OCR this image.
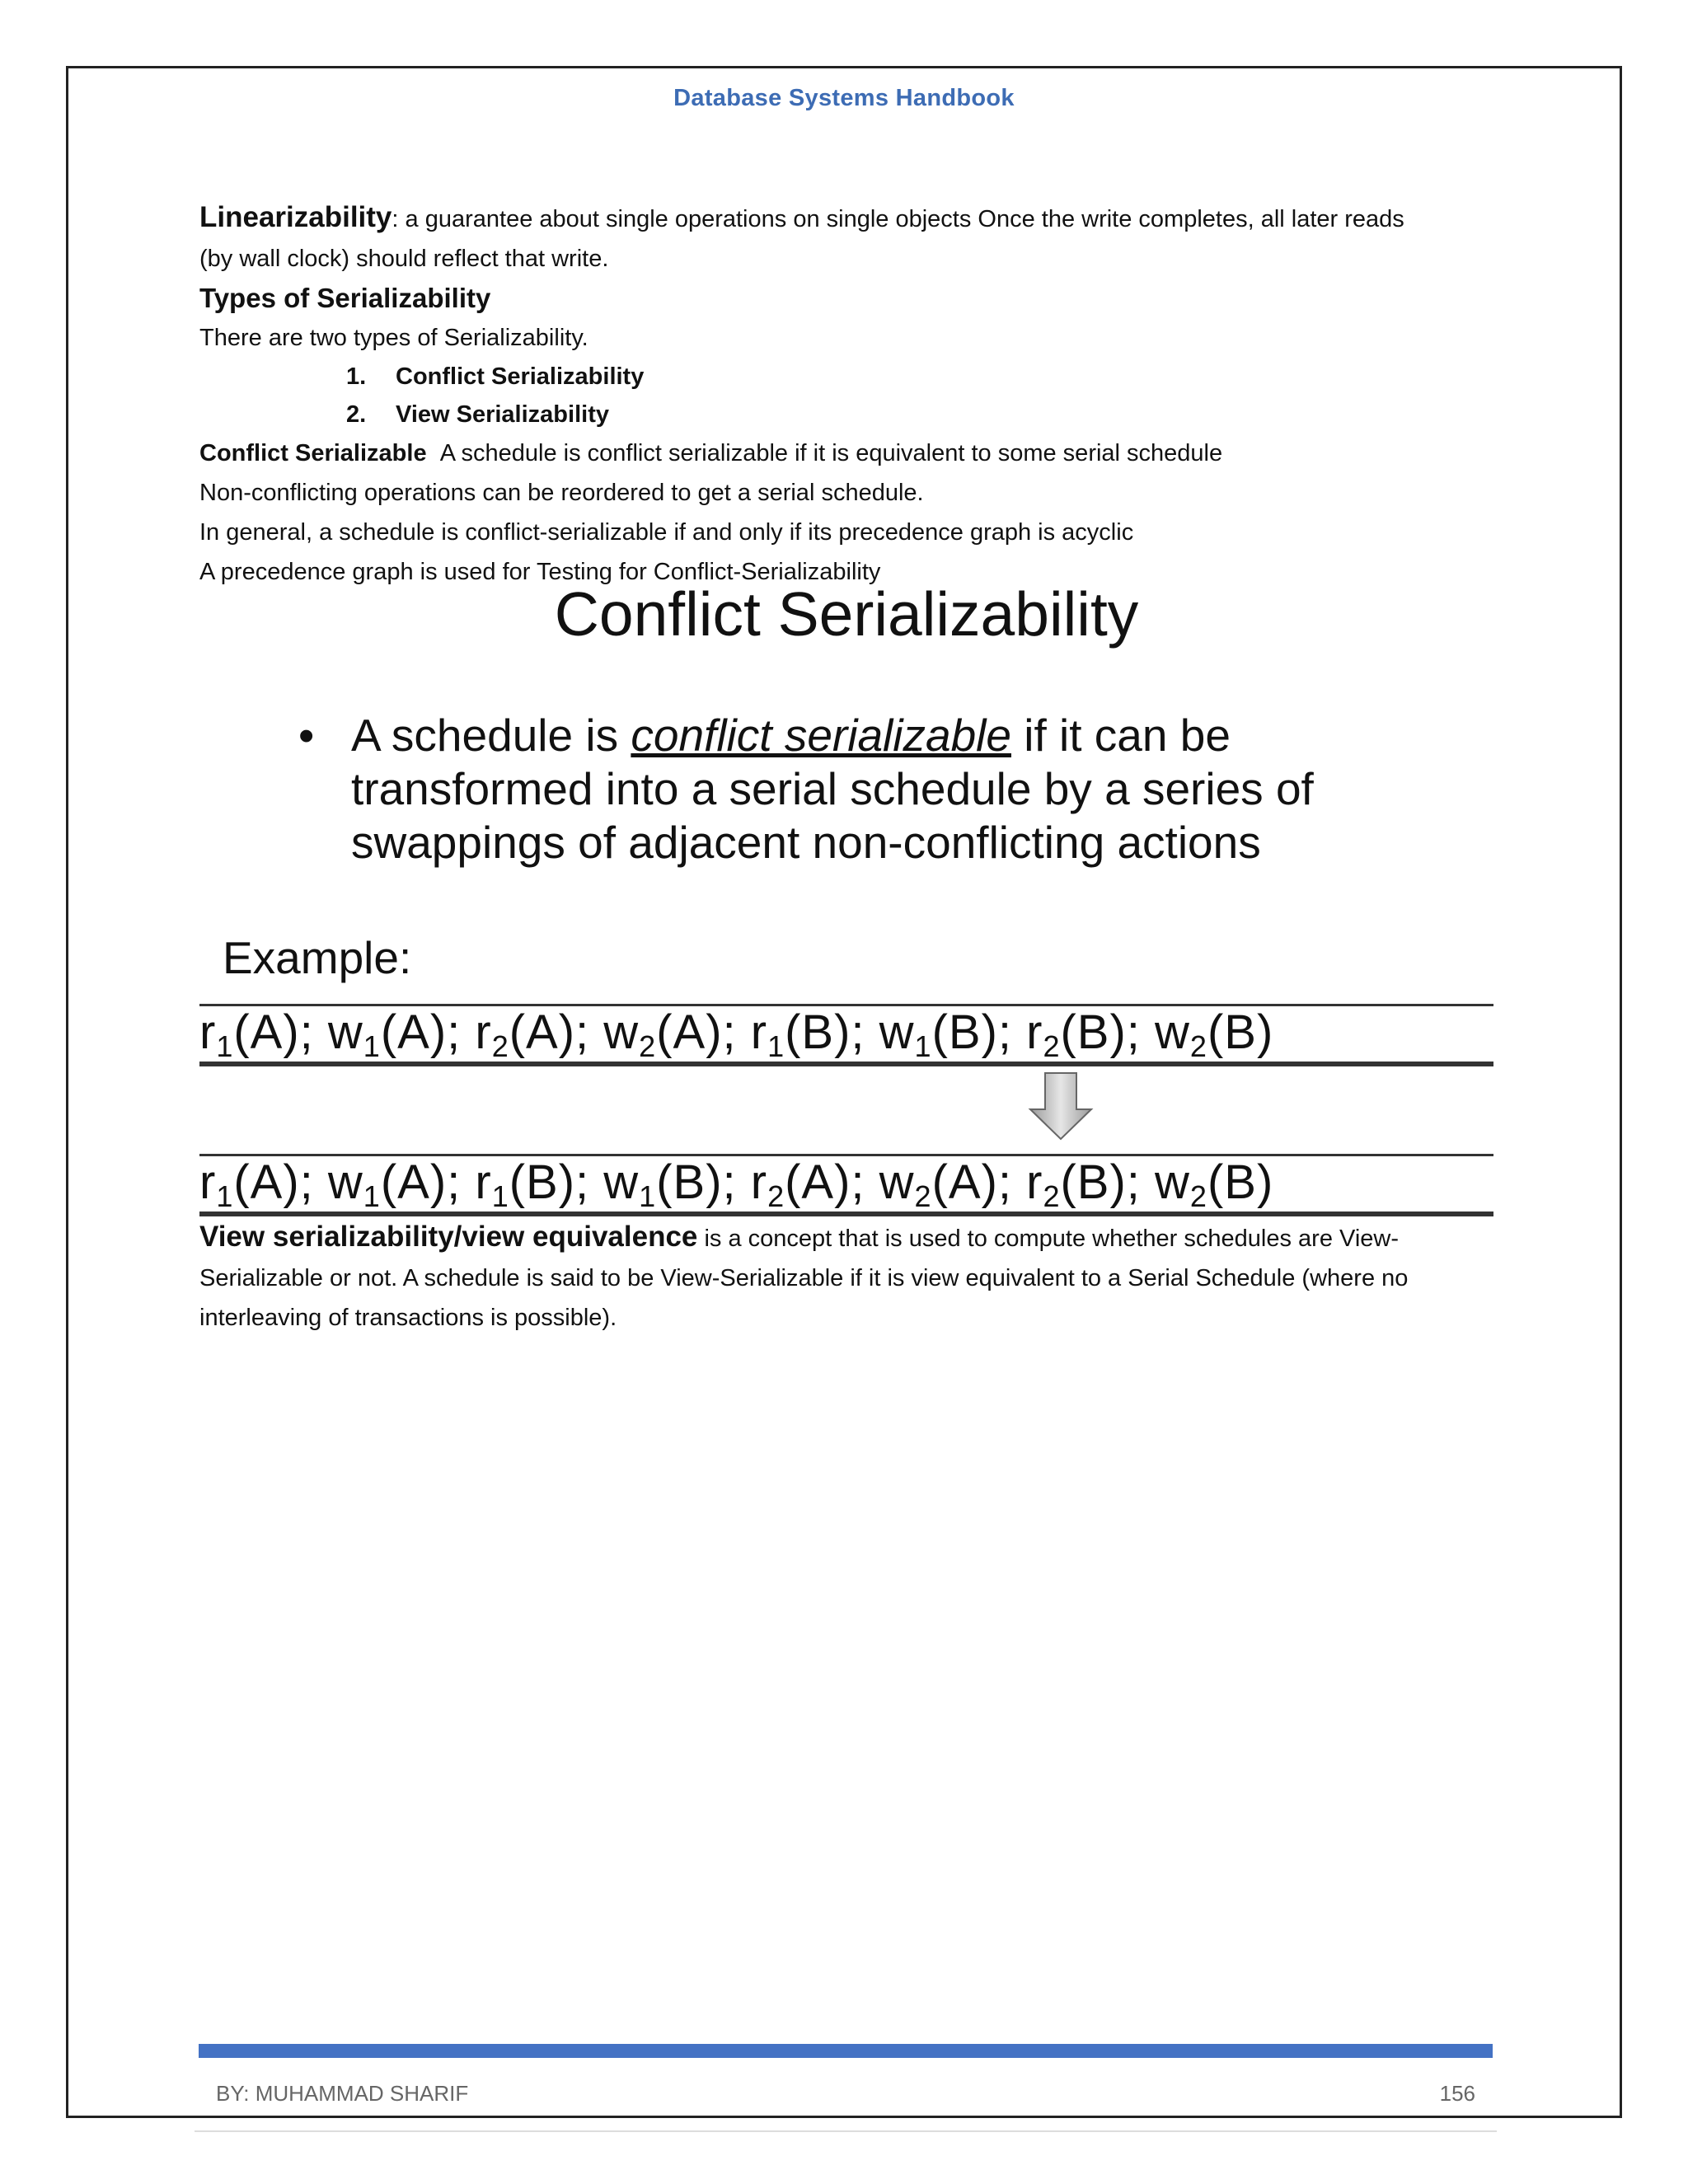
Database Systems Handbook

Linearizability: a guarantee about single operations on single objects Once the write completes, all later reads

(by wall clock) should reflect that write.

Types of Serializability

There are two types of Serializability.

1. Conflict Serializability

2. View Serializability

Conflict Serializable A schedule is conflict serializable if it is equivalent to some serial schedule

Non-conflicting operations can be reordered to get a serial schedule.

In general, a schedule is conflict-serializable if and only if its precedence graph is acyclic

A precedence graph is used for Testing for Conflict-Serializability

Conflict Serializability
• A schedule is conflict serializable if it can be transformed into a serial schedule by a series of swappings of adjacent non-conflicting actions
Example:
$r_1(A)$; $w_1(A)$; $r_2(A)$; $w_2(A)$; $r_1(B)$; $w_1(B)$; $r_2(B)$; $w_2(B)$
$r_1(A)$; $w_1(A)$; $r_1(B)$; $w_1(B)$; $r_2(A)$; $w_2(A)$; $r_2(B)$; $w_2(B)$

View serializability/view equivalence is a concept that is used to compute whether schedules are View-

Serializable or not. A schedule is said to be View-Serializable if it is view equivalent to a Serial Schedule (where no

interleaving of transactions is possible).

BY: MUHAMMAD SHARIF	156
